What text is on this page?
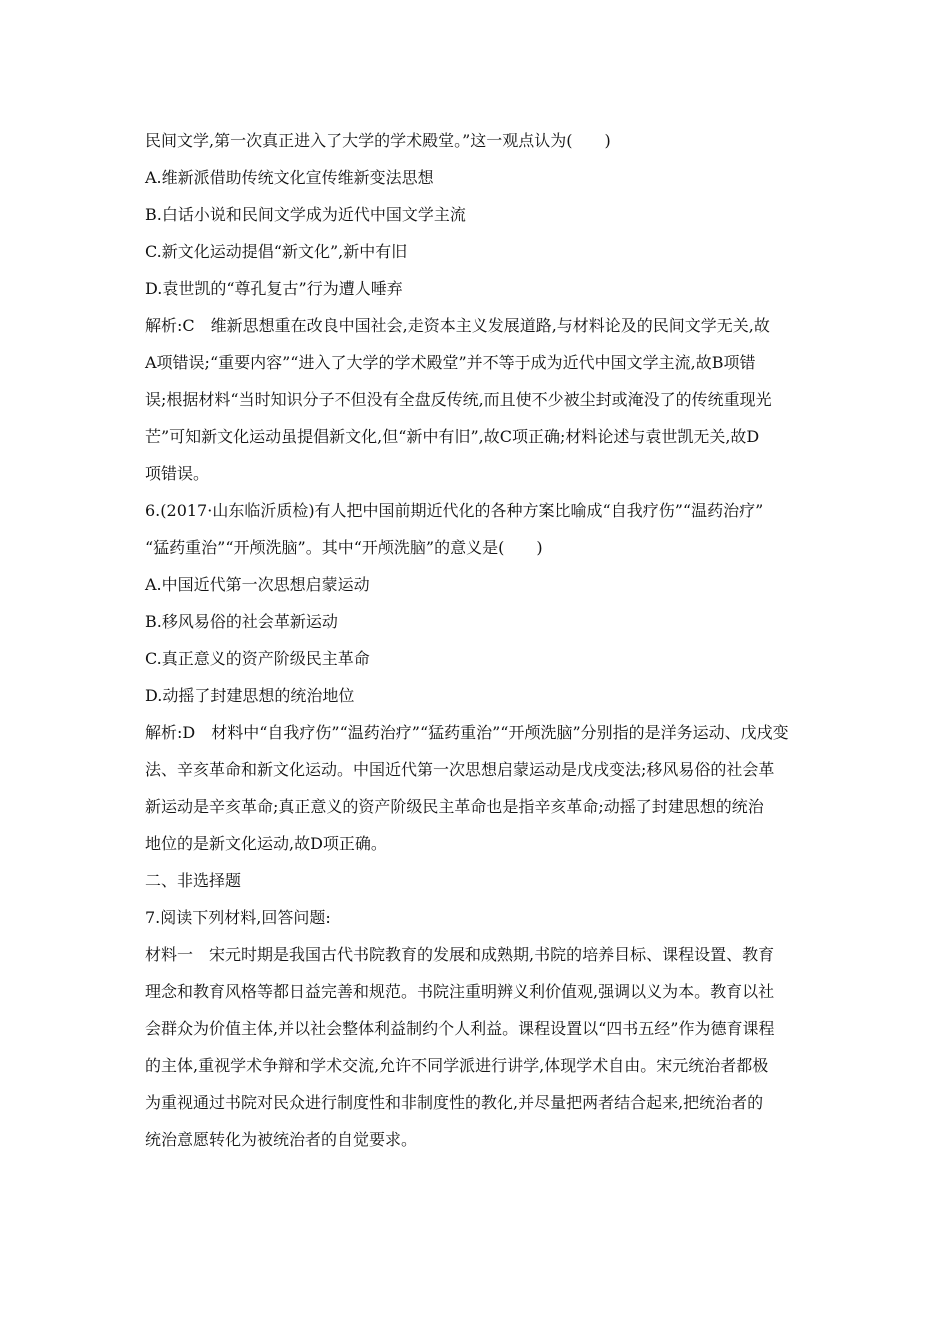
民间文学,第一次真正进入了大学的学术殿堂。”这一观点认为(　　)
A.维新派借助传统文化宣传维新变法思想
B.白话小说和民间文学成为近代中国文学主流
C.新文化运动提倡“新文化”,新中有旧
D.袁世凯的“尊孔复古”行为遭人唾弃
解析:C　维新思想重在改良中国社会,走资本主义发展道路,与材料论及的民间文学无关,故
A项错误;“重要内容”“进入了大学的学术殿堂”并不等于成为近代中国文学主流,故B项错
误;根据材料“当时知识分子不但没有全盘反传统,而且使不少被尘封或淹没了的传统重现光
芒”可知新文化运动虽提倡新文化,但“新中有旧”,故C项正确;材料论述与袁世凯无关,故D
项错误。
6.(2017·山东临沂质检)有人把中国前期近代化的各种方案比喻成“自我疗伤”“温药治疗”
“猛药重治”“开颅洗脑”。其中“开颅洗脑”的意义是(　　)
A.中国近代第一次思想启蒙运动
B.移风易俗的社会革新运动
C.真正意义的资产阶级民主革命
D.动摇了封建思想的统治地位
解析:D　材料中“自我疗伤”“温药治疗”“猛药重治”“开颅洗脑”分别指的是洋务运动、戊戌变
法、辛亥革命和新文化运动。中国近代第一次思想启蒙运动是戊戌变法;移风易俗的社会革
新运动是辛亥革命;真正意义的资产阶级民主革命也是指辛亥革命;动摇了封建思想的统治
地位的是新文化运动,故D项正确。
二、非选择题
7.阅读下列材料,回答问题:
材料一　宋元时期是我国古代书院教育的发展和成熟期,书院的培养目标、课程设置、教育
理念和教育风格等都日益完善和规范。书院注重明辨义利价值观,强调以义为本。教育以社
会群众为价值主体,并以社会整体利益制约个人利益。课程设置以“四书五经”作为德育课程
的主体,重视学术争辩和学术交流,允许不同学派进行讲学,体现学术自由。宋元统治者都极
为重视通过书院对民众进行制度性和非制度性的教化,并尽量把两者结合起来,把统治者的
统治意愿转化为被统治者的自觉要求。
